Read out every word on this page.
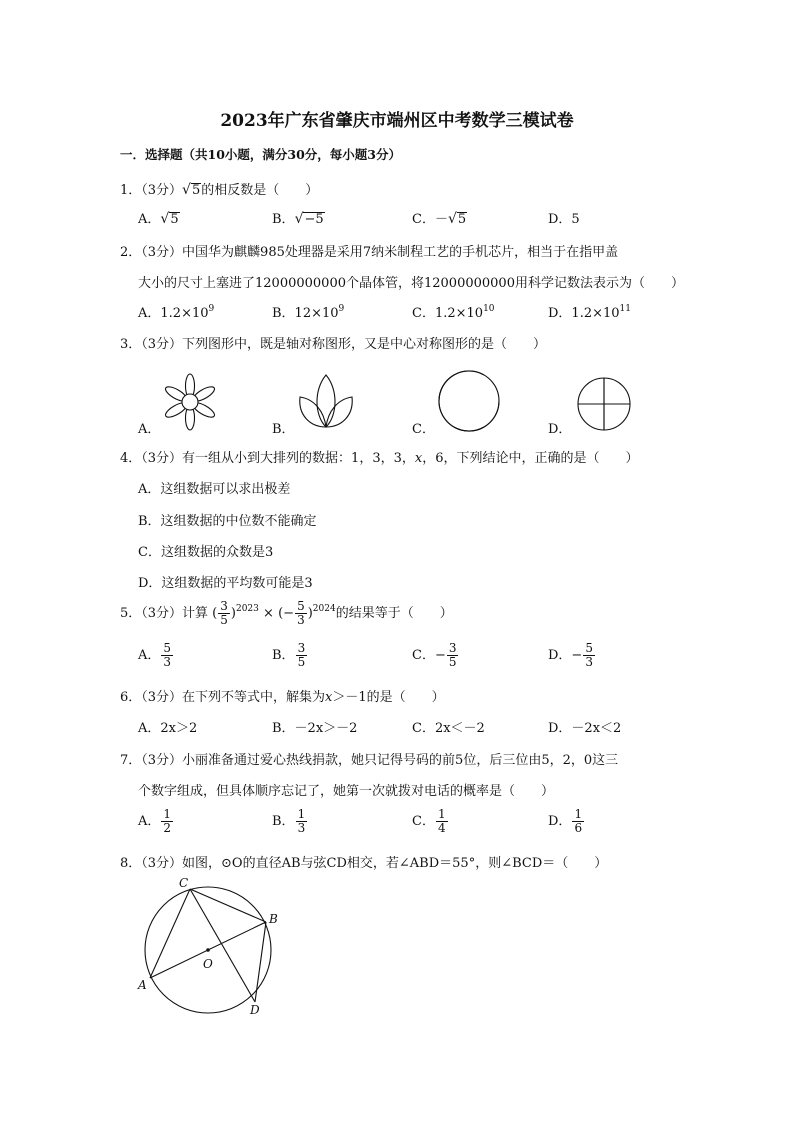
2023年广东省肇庆市端州区中考数学三模试卷
一．选择题（共10小题，满分30分，每小题3分）
1．（3分）√5的相反数是（　　）
A．√5	B．√−5	C．－√5	D．5
2．（3分）中国华为麒麟985处理器是采用7纳米制程工艺的手机芯片，相当于在指甲盖
大小的尺寸上塞进了12000000000个晶体管，将12000000000用科学记数法表示为（　　）
A．$1.2\times 10^9$	B．$12\times 10^9$	C．$1.2\times 10^{10}$	D．$1.2\times 10^{11}$
3．（3分）下列图形中，既是轴对称图形，又是中心对称图形的是（　　）
A．	B．	C．	D．
4．（3分）有一组从小到大排列的数据：1，3，3，x，6，下列结论中，正确的是（　　）
A．这组数据可以求出极差
B．这组数据的中位数不能确定
C．这组数据的众数是3
D．这组数据的平均数可能是3
5．（3分）计算 ( $\frac{3}{5} )^{2023}$ × (− $\frac{5}{3} )^{2024}$的结果等于（　　）
A． $\frac{5}{3}$	B． $\frac{3}{5}$	C．− $\frac{3}{5}$	D．− $\frac{5}{3}$
6．（3分）在下列不等式中，解集为x＞－1的是（　　）
A．2x＞2	B．－2x＞－2	C．2x＜－2	D．－2x＜2
7．（3分）小丽准备通过爱心热线捐款，她只记得号码的前5位，后三位由5，2，0这三
个数字组成，但具体顺序忘记了，她第一次就拨对电话的概率是（　　）
A． $\frac{1}{2}$	B． $\frac{1}{3}$	C． $\frac{1}{4}$	D． $\frac{1}{6}$
8．（3分）如图，⊙O的直径AB与弦CD相交，若∠ABD＝55°，则∠BCD＝（　　）
C
B
O
A
D
